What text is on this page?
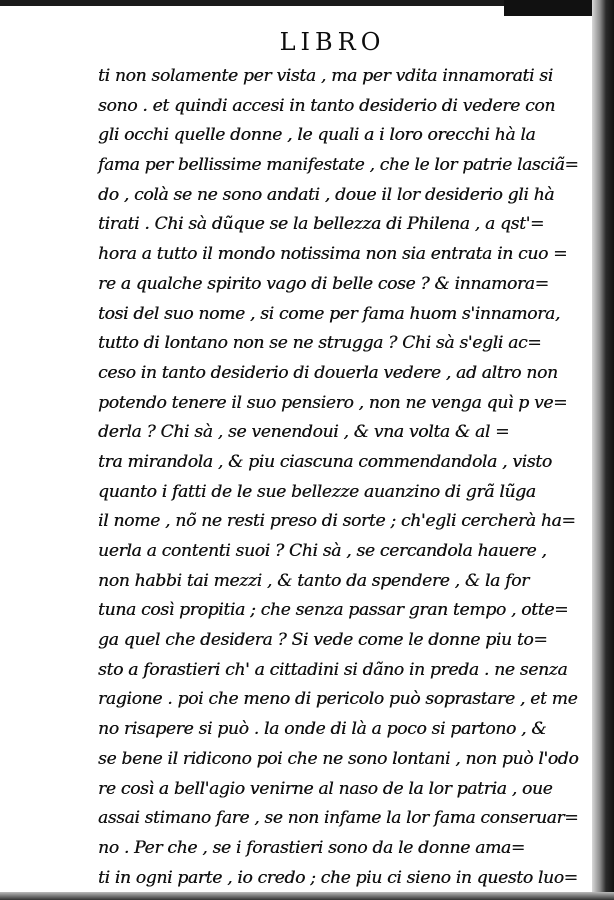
LIBRO
ti non solamente per vista , ma per vdita innamorati si
sono . et quindi accesi in tanto desiderio di vedere con
gli occhi quelle donne , le quali a i loro orecchi hà la
fama per bellissime manifestate , che le lor patrie lasciã=
do , colà se ne sono andati , doue il lor desiderio gli hà
tirati . Chi sà dũque se la bellezza di Philena , a qst'=
hora a tutto il mondo notissima non sia entrata in cuo =
re a qualche spirito vago di belle cose ? & innamora=
tosi del suo nome , si come per fama huom s'innamora,
tutto di lontano non se ne strugga ? Chi sà s'egli ac=
ceso in tanto desiderio di douerla vedere , ad altro non
potendo tenere il suo pensiero , non ne venga quì p ve=
derla ? Chi sà , se venendoui , & vna volta & al =
tra mirandola , & piu ciascuna commendandola , visto
quanto i fatti de le sue bellezze auanzino di grã lũga
il nome , nõ ne resti preso di sorte ; ch'egli cercherà ha=
uerla a contenti suoi ? Chi sà , se cercandola hauere ,
non habbi tai mezzi , & tanto da spendere , & la for
tuna così propitia ; che senza passar gran tempo , otte=
ga quel che desidera ? Si vede come le donne piu to=
sto a forastieri ch' a cittadini si dãno in preda . ne senza
ragione . poi che meno di pericolo può soprastare , et me
no risapere si può . la onde di là a poco si partono , &
se bene il ridicono poi che ne sono lontani , non può l'odo
re così a bell'agio venirne al naso de la lor patria , oue
assai stimano fare , se non infame la lor fama conseruar=
no . Per che , se i forastieri sono da le donne ama=
ti in ogni parte , io credo ; che piu ci sieno in questo luo=
